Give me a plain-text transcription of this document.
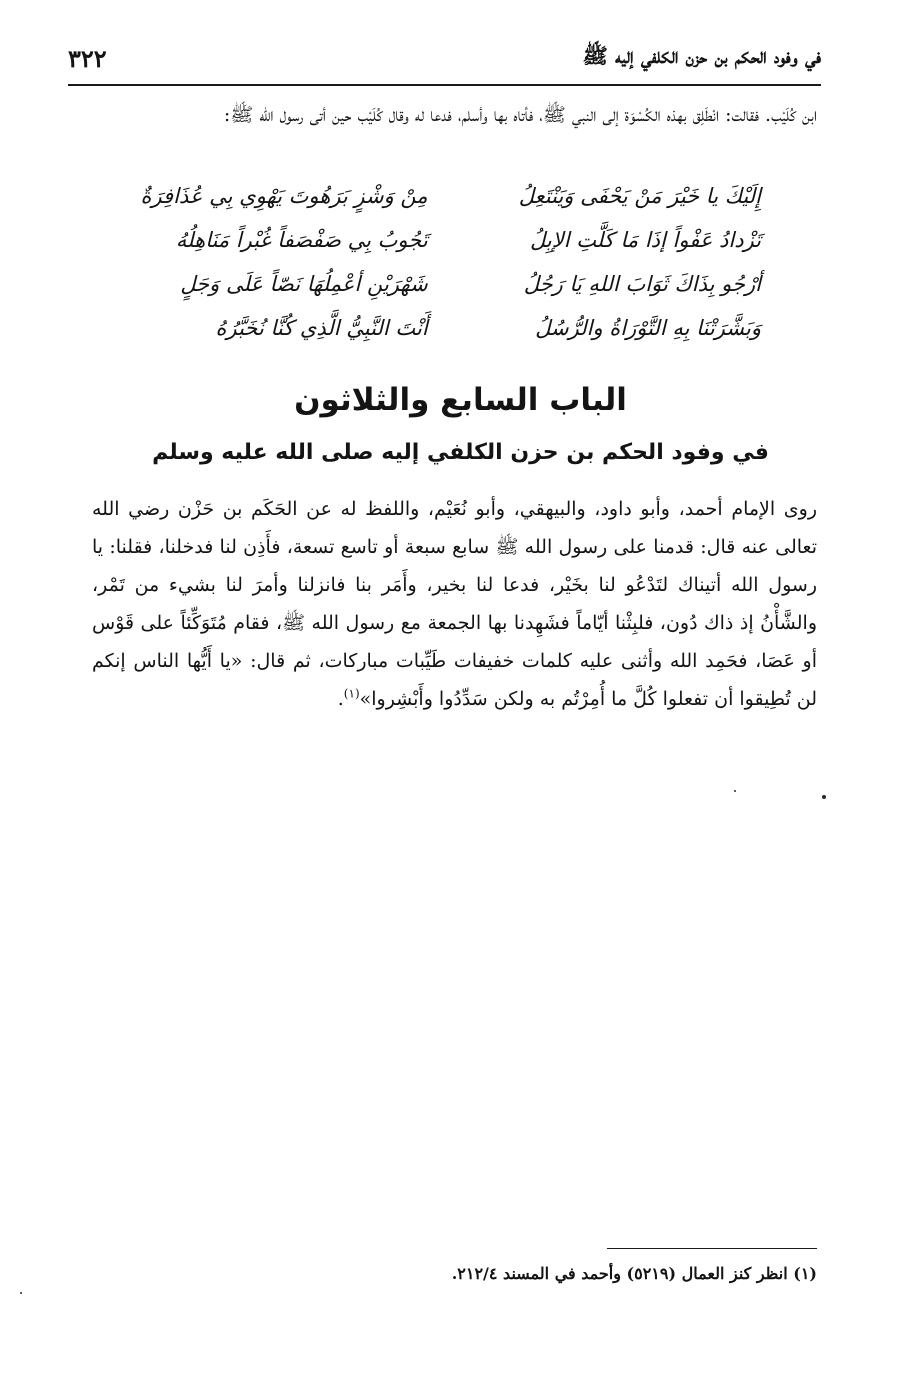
في وفود الحكم بن حزن الكلفي إليه ﷺ
٣٢٢

ابن كُلَيْب. فقالت: انْطَلِق بهذه الكُسْوَة إلى النبي ﷺ، فأتاه بها وأسلم، فدعا له وقال كُلَيْب حين أتى رسول الله ﷺ:

إِلَيْكَ يا خَيْرَ مَنْ يَحْفَى وَيَنْتَعِلُ
مِنْ وَشْزٍ بَرَهُوتَ يَهْوِي بِي عُذَافِرَةٌ
تَزْدادُ عَفْواً إذَا مَا كَلَّتِ الإبِلُ
تَجُوبُ بِي صَفْصَفاً غُبْراً مَنَاهِلُهُ
أرْجُو بِذَاكَ ثَوَابَ اللهِ يَا رَجُلُ
شَهْرَيْنِ أعْمِلُهَا نَصّاً عَلَى وَجَلٍ
وَبَشَّرَتْنَا بِهِ التَّوْرَاةُ والرُّسُلُ
أَنْتَ النَّبِيُّ الَّذِي كُنَّا نُخَبَّرُهُ
الباب السابع والثلاثون
في وفود الحكم بن حزن الكلفي إليه صلى الله عليه وسلم

روى الإمام أحمد، وأبو داود، والبيهقي، وأبو نُعَيْم، واللفظ له عن الحَكَم بن حَزْن رضي الله تعالى عنه قال: قدمنا على رسول الله ﷺ سابع سبعة أو تاسع تسعة، فأَذِن لنا فدخلنا، فقلنا: يا رسول الله أتيناك لتَدْعُو لنا بخَيْر، فدعا لنا بخير، وأَمَر بنا فانزلنا وأمرَ لنا بشيء من تَمْر، والشَّأْنُ إذ ذاك دُون، فلبِثْنا أيّاماً فشَهِدنا بها الجمعة مع رسول الله ﷺ، فقام مُتَوَكِّئاً على قَوْس أو عَصَا، فحَمِد الله وأثنى عليه كلمات خفيفات طَيِّبات مباركات، ثم قال: «يا أَيُّها الناس إنكم لن تُطِيقوا أن تفعلوا كُلَّ ما أُمِرْتُم به ولكن سَدِّدُوا وأَبْشِروا»$^{(١)}$.

(١) انظر كنز العمال (٥٢١٩) وأحمد في المسند ٢١٢/٤.
